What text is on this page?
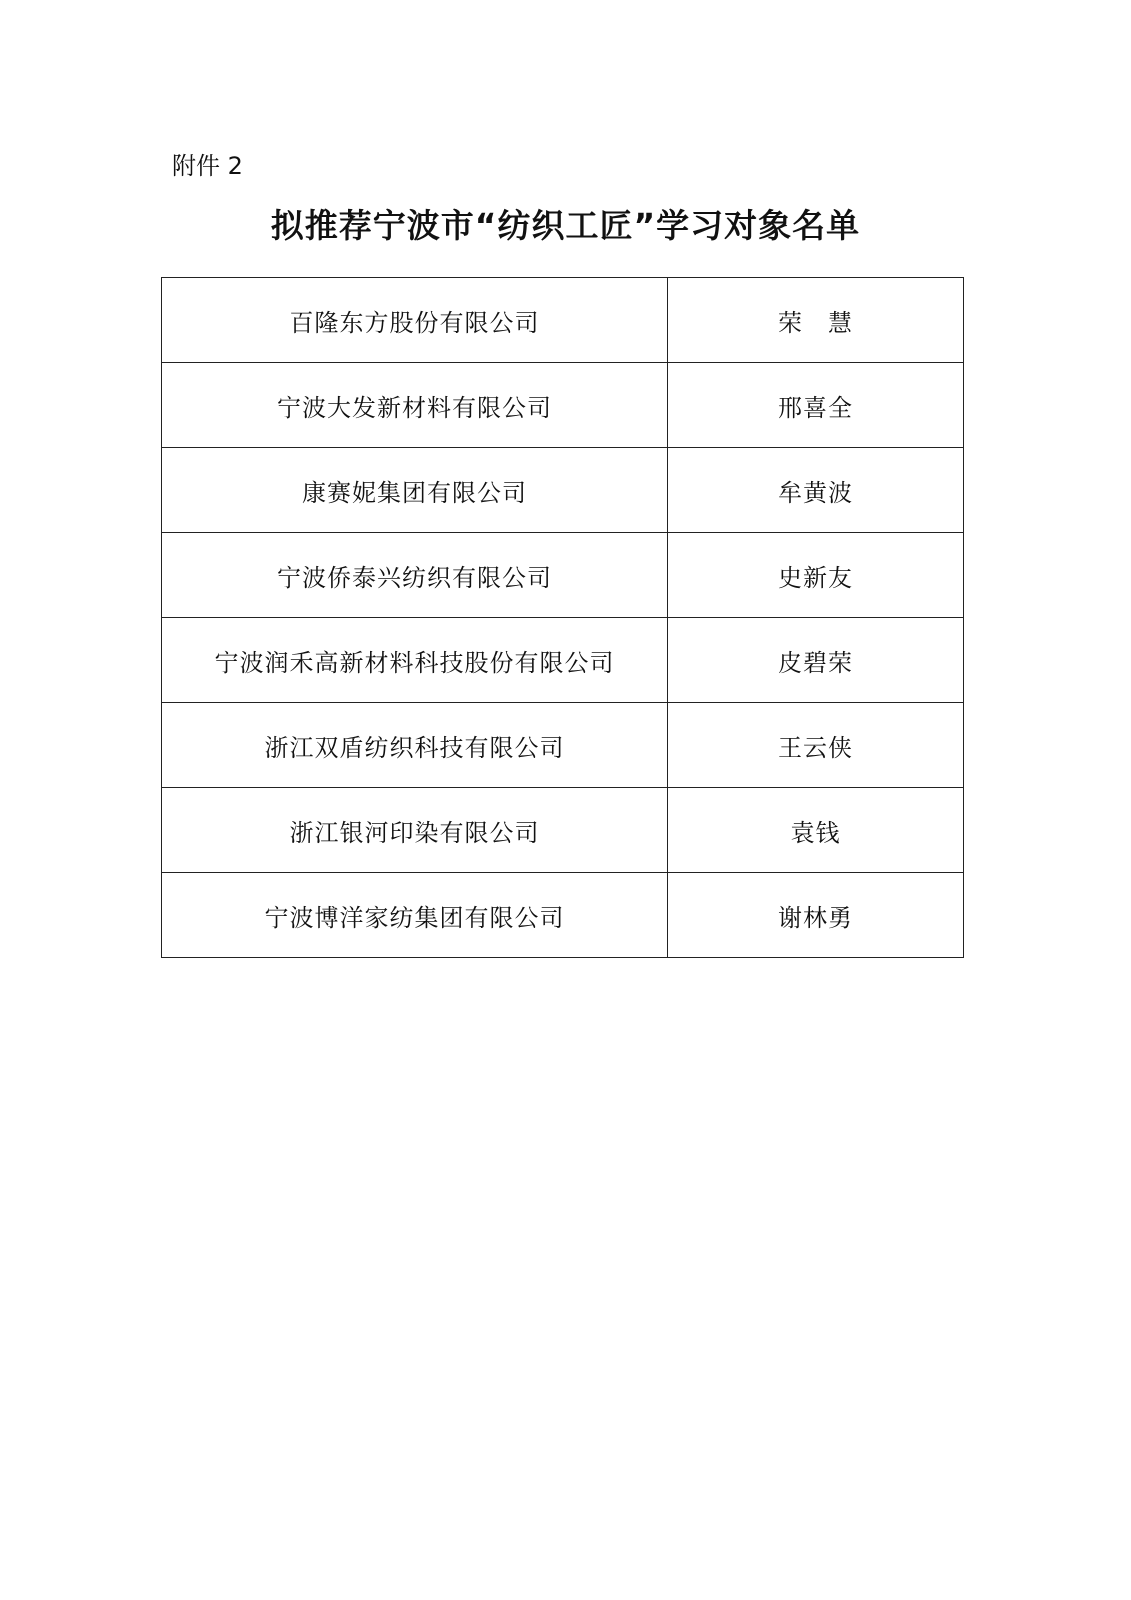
附件 2
拟推荐宁波市“纺织工匠”学习对象名单
百隆东方股份有限公司	荣　慧
宁波大发新材料有限公司	邢喜全
康赛妮集团有限公司	牟黄波
宁波侨泰兴纺织有限公司	史新友
宁波润禾高新材料科技股份有限公司	皮碧荣
浙江双盾纺织科技有限公司	王云侠
浙江银河印染有限公司	袁钱
宁波博洋家纺集团有限公司	谢林勇
